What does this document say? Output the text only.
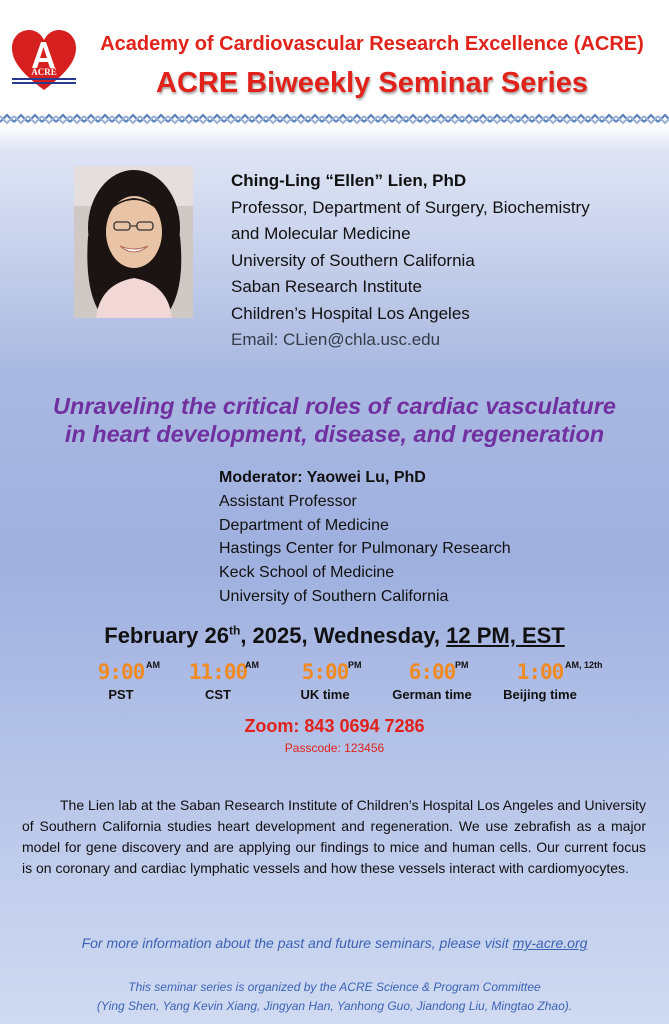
ACRE
Academy of Cardiovascular Research Excellence (ACRE)
ACRE Biweekly Seminar Series
Ching-Ling “Ellen” Lien, PhD
Professor, Department of Surgery, Biochemistry
and Molecular Medicine
University of Southern California
Saban Research Institute
Children’s Hospital Los Angeles
Email: CLien@chla.usc.edu
Unraveling the critical roles of cardiac vasculature
in heart development, disease, and regeneration
Moderator: Yaowei Lu, PhD
Assistant Professor
Department of Medicine
Hastings Center for Pulmonary Research
Keck School of Medicine
University of Southern California
February 26th, 2025, Wednesday, 12 PM, EST
9:00 AM
PST
11:00
AM
CST
5:00 PM
UK time
6:00 PM
German time
1:00 AM, 12th
Beijing time
Zoom: 843 0694 7286
Passcode: 123456
The Lien lab at the Saban Research Institute of Children’s Hospital Los Angeles and University of Southern California studies heart development and regeneration. We use zebrafish as a major model for gene discovery and are applying our findings to mice and human cells. Our current focus is on coronary and cardiac lymphatic vessels and how these vessels interact with cardiomyocytes.
For more information about the past and future seminars, please visit my-acre.org
This seminar series is organized by the ACRE Science & Program Committee
(Ying Shen, Yang Kevin Xiang, Jingyan Han, Yanhong Guo, Jiandong Liu, Mingtao Zhao).
